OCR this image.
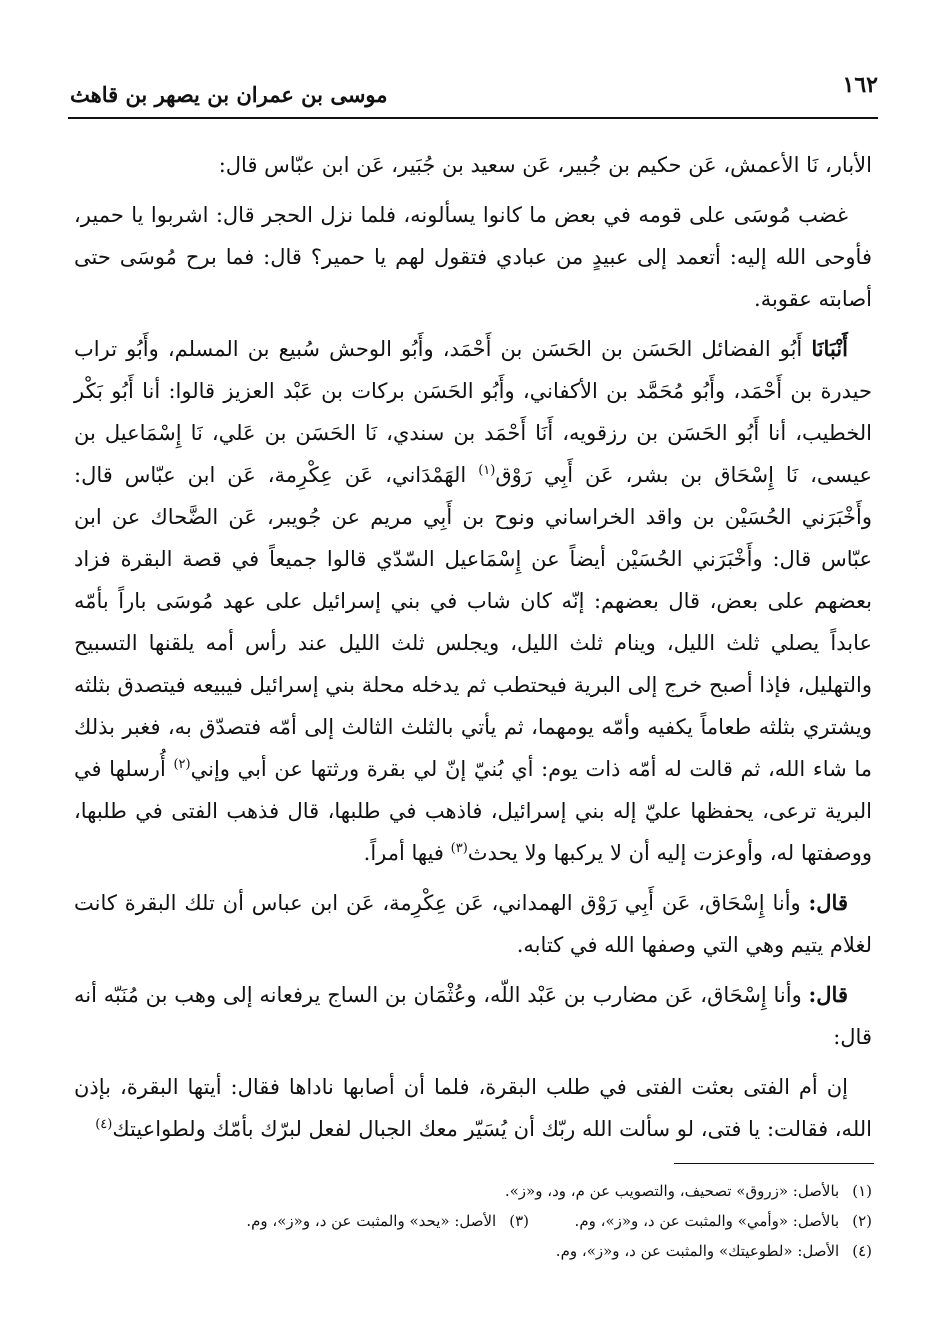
١٦٢
موسى بن عمران بن يصهر بن قاهث

الأبار، نَا الأعمش، عَن حكيم بن جُبير، عَن سعيد بن جُبَير، عَن ابن عبّاس قال:

غضب مُوسَى على قومه في بعض ما كانوا يسألونه، فلما نزل الحجر قال: اشربوا يا حمير، فأوحى الله إليه: أتعمد إلى عبيدٍ من عبادي فتقول لهم يا حمير؟ قال: فما برح مُوسَى حتى أصابته عقوبة.

أَنْبَانَا أَبُو الفضائل الحَسَن بن الحَسَن بن أَحْمَد، وأَبُو الوحش سُبيع بن المسلم، وأَبُو تراب حيدرة بن أَحْمَد، وأَبُو مُحَمَّد بن الأكفاني، وأَبُو الحَسَن بركات بن عَبْد العزيز قالوا: أنا أَبُو بَكْر الخطيب، أنا أَبُو الحَسَن بن رزقويه، أَنَا أَحْمَد بن سندي، نَا الحَسَن بن عَلي، نَا إِسْمَاعيل بن عيسى، نَا إِسْحَاق بن بشر، عَن أَبِي رَوْق$^{(١)}$ الهَمْدَاني، عَن عِكْرِمة، عَن ابن عبّاس قال: وأَخْبَرَني الحُسَيْن بن واقد الخراساني ونوح بن أَبِي مريم عن جُويبر، عَن الضَّحاك عن ابن عبّاس قال: وأَخْبَرَني الحُسَيْن أيضاً عن إِسْمَاعيل السّدّي قالوا جميعاً في قصة البقرة فزاد بعضهم على بعض، قال بعضهم: إنّه كان شاب في بني إسرائيل على عهد مُوسَى باراً بأمّه عابداً يصلي ثلث الليل، وينام ثلث الليل، ويجلس ثلث الليل عند رأس أمه يلقنها التسبيح والتهليل، فإذا أصبح خرج إلى البرية فيحتطب ثم يدخله محلة بني إسرائيل فيبيعه فيتصدق بثلثه ويشتري بثلثه طعاماً يكفيه وأمّه يومهما، ثم يأتي بالثلث الثالث إلى أمّه فتصدّق به، فغبر بذلك ما شاء الله، ثم قالت له أمّه ذات يوم: أي بُنيّ إنّ لي بقرة ورثتها عن أبي وإني$^{(٢)}$ أُرسلها في البرية ترعى، يحفظها عليّ إله بني إسرائيل، فاذهب في طلبها، قال فذهب الفتى في طلبها، ووصفتها له، وأوعزت إليه أن لا يركبها ولا يحدث$^{(٣)}$ فيها أمراً.

قال: وأنا إِسْحَاق، عَن أَبِي رَوْق الهمداني، عَن عِكْرِمة، عَن ابن عباس أن تلك البقرة كانت لغلام يتيم وهي التي وصفها الله في كتابه.

قال: وأنا إِسْحَاق، عَن مضارب بن عَبْد اللّه، وعُثْمَان بن الساج يرفعانه إلى وهب بن مُنَبّه أنه قال:

إن أم الفتى بعثت الفتى في طلب البقرة، فلما أن أصابها ناداها فقال: أيتها البقرة، بإذن الله، فقالت: يا فتى، لو سألت الله ربّك أن يُسَيّر معك الجبال لفعل لبرّك بأمّك ولطواعيتك$^{(٤)}$

(١) بالأصل: «زروق» تصحيف، والتصويب عن م، ود، و«ز».
(٢) بالأصل: «وأمي» والمثبت عن د، و«ز»، وم.  (٣) الأصل: «يحد» والمثبت عن د، و«ز»، وم.
(٤) الأصل: «لطوعيتك» والمثبت عن د، و«ز»، وم.
